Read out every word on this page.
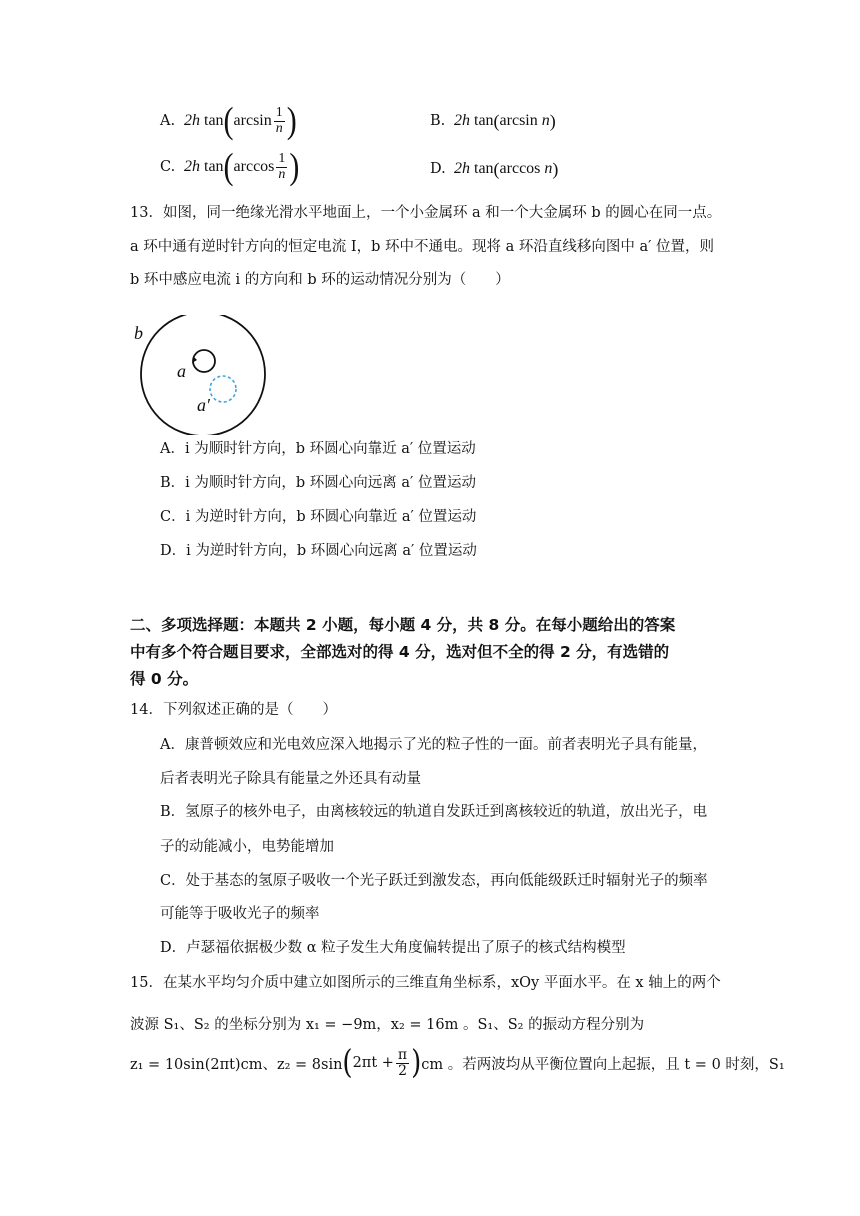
A. 2h
tan ( $\arcsin \frac{1}{n}$ )	B. 2h
tan ( arcsin
n )
C. 2h
tan ( $\arccos \frac{1}{n}$ )	D. 2h
tan ( arccos
n )
13．如图，同一绝缘光滑水平地面上，一个小金属环 a 和一个大金属环 b 的圆心在同一点。
a 环中通有逆时针方向的恒定电流 I，b 环中不通电。现将 a 环沿直线移向图中 a′ 位置，则
b 环中感应电流 i 的方向和 b 环的运动情况分别为（　　）
b
a
a′
A．i 为顺时针方向，b 环圆心向靠近 a′ 位置运动
B．i 为顺时针方向，b 环圆心向远离 a′ 位置运动
C．i 为逆时针方向，b 环圆心向靠近 a′ 位置运动
D．i 为逆时针方向，b 环圆心向远离 a′ 位置运动
二、多项选择题：本题共 2 小题，每小题 4 分，共 8 分。在每小题给出的答案
中有多个符合题目要求，全部选对的得 4 分，选对但不全的得 2 分，有选错的
得 0 分。
14．下列叙述正确的是（　　）
A．康普顿效应和光电效应深入地揭示了光的粒子性的一面。前者表明光子具有能量，
后者表明光子除具有能量之外还具有动量
B．氢原子的核外电子，由离核较远的轨道自发跃迁到离核较近的轨道，放出光子，电
子的动能减小，电势能增加
C．处于基态的氢原子吸收一个光子跃迁到激发态，再向低能级跃迁时辐射光子的频率
可能等于吸收光子的频率
D．卢瑟福依据极少数 α 粒子发生大角度偏转提出了原子的核式结构模型
15．在某水平均匀介质中建立如图所示的三维直角坐标系，xOy 平面水平。在 x 轴上的两个
波源 S₁、S₂ 的坐标分别为 x₁ = −9m，x₂ = 16m 。S₁、S₂ 的振动方程分别为
z₁ = 10sin(2πt)cm、z₂ = 8sin ( $2\pi t + \frac{\pi}{2}$ ) cm 。若两波均从平衡位置向上起振，且 t = 0 时刻，S₁
